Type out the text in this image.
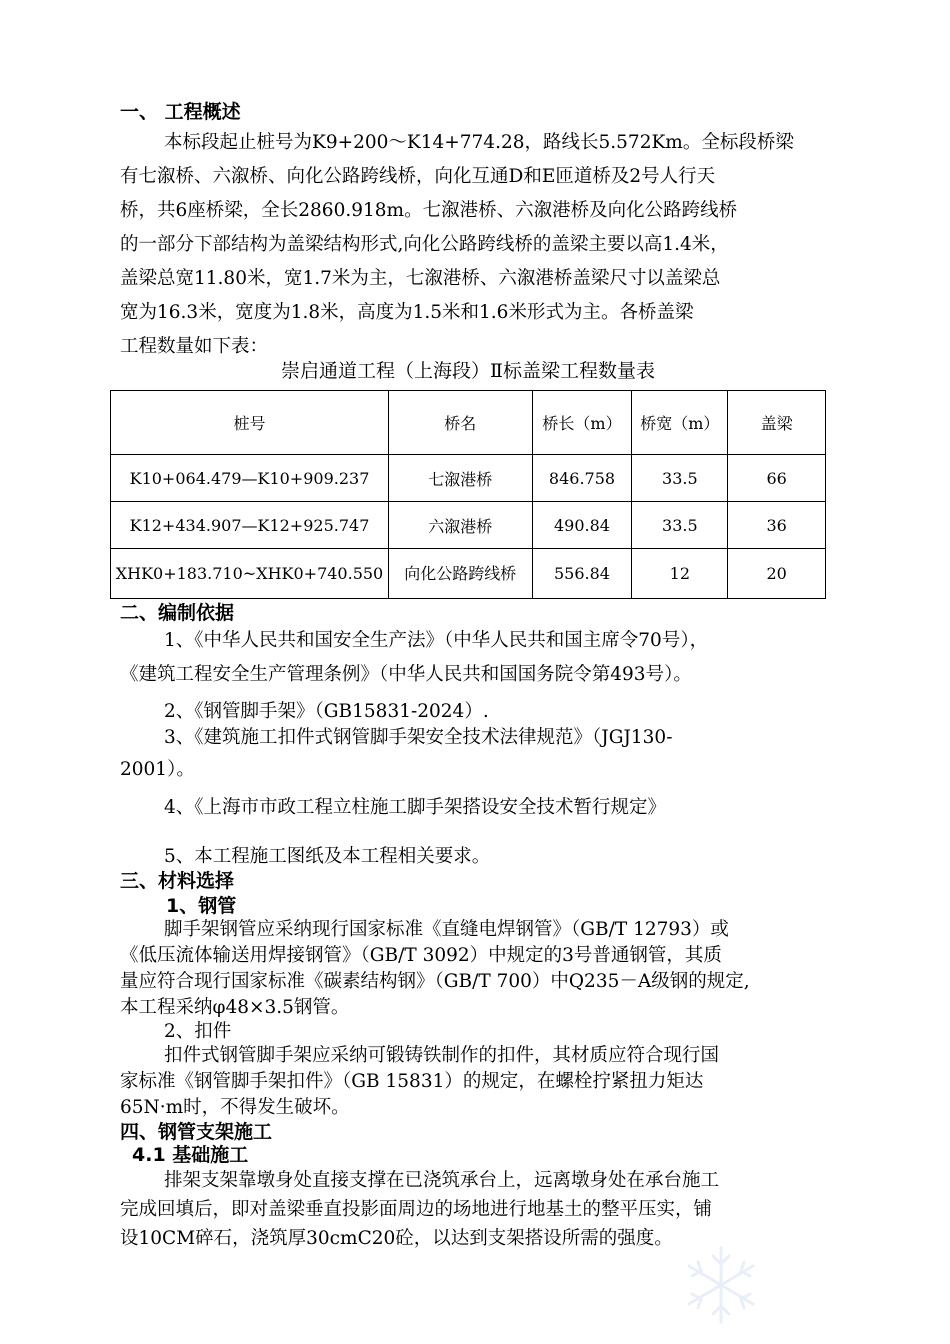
一、 工程概述
本标段起止桩号为K9+200～K14+774.28，路线长5.572Km。全标段桥梁
有七溆桥、六溆桥、向化公路跨线桥，向化互通D和E匝道桥及2号人行天
桥，共6座桥梁，全长2860.918m。七溆港桥、六溆港桥及向化公路跨线桥
的一部分下部结构为盖梁结构形式,向化公路跨线桥的盖梁主要以高1.4米，
盖梁总宽11.80米，宽1.7米为主，七溆港桥、六溆港桥盖梁尺寸以盖梁总
宽为16.3米，宽度为1.8米，高度为1.5米和1.6米形式为主。各桥盖梁
工程数量如下表：
崇启通道工程（上海段）Ⅱ标盖梁工程数量表
桩号	桥名	桥长（m）	桥宽（m）	盖梁
K10+064.479—K10+909.237	七溆港桥	846.758	33.5	66
K12+434.907—K12+925.747	六溆港桥	490.84	33.5	36
XHK0+183.710~XHK0+740.550	向化公路跨线桥	556.84	12	20
二、编制依据
1、《中华人民共和国安全生产法》（中华人民共和国主席令70号），
《建筑工程安全生产管理条例》（中华人民共和国国务院令第493号）。
2、《钢管脚手架》（GB15831-2024）.
3、《建筑施工扣件式钢管脚手架安全技术法律规范》（JGJ130-
2001）。
4、《上海市市政工程立柱施工脚手架搭设安全技术暂行规定》
5、本工程施工图纸及本工程相关要求。
三、材料选择
1、钢管
脚手架钢管应采纳现行国家标准《直缝电焊钢管》（GB/T 12793）或
《低压流体输送用焊接钢管》（GB/T 3092）中规定的3号普通钢管，其质
量应符合现行国家标准《碳素结构钢》（GB/T 700）中Q235－A级钢的规定,
本工程采纳φ48×3.5钢管。
2、扣件
扣件式钢管脚手架应采纳可锻铸铁制作的扣件，其材质应符合现行国
家标准《钢管脚手架扣件》（GB 15831）的规定，在螺栓拧紧扭力矩达
65N·m时，不得发生破坏。
四、钢管支架施工
4.1 基础施工
排架支架靠墩身处直接支撑在已浇筑承台上，远离墩身处在承台施工
完成回填后，即对盖梁垂直投影面周边的场地进行地基土的整平压实，铺
设10CM碎石，浇筑厚30cmC20砼，以达到支架搭设所需的强度。
